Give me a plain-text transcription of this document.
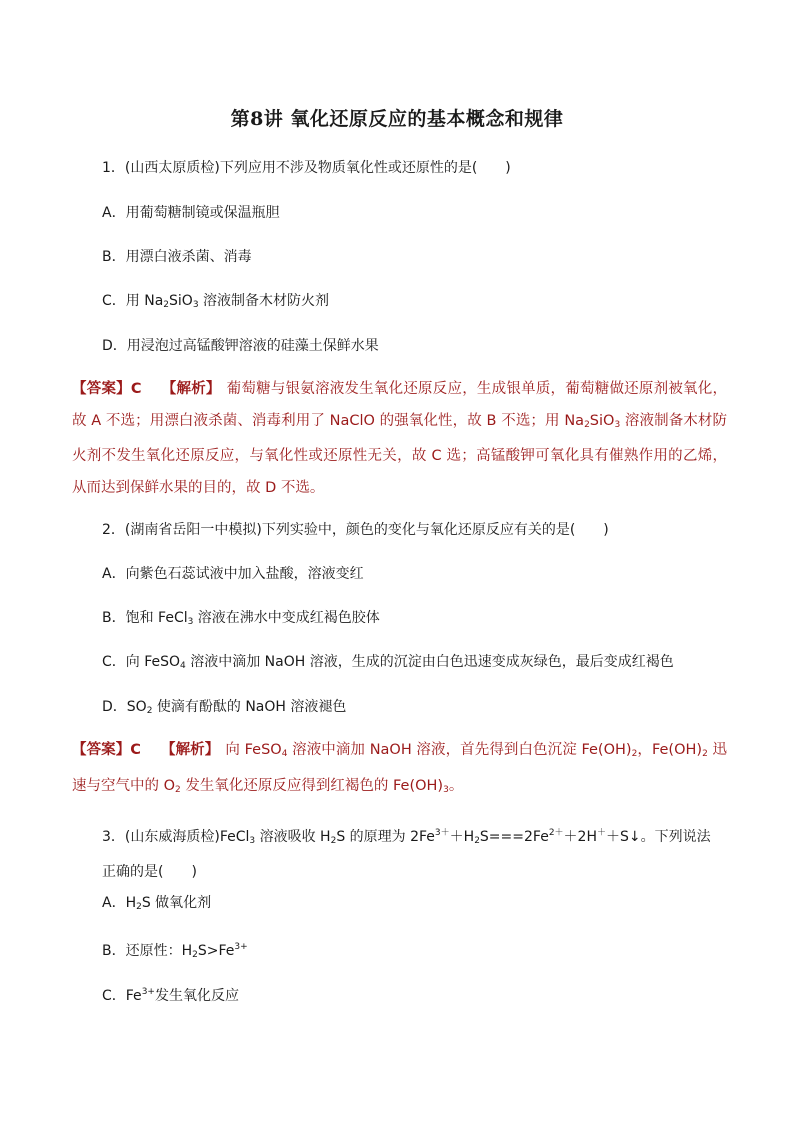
第8讲 氧化还原反应的基本概念和规律
1．(山西太原质检)下列应用不涉及物质氧化性或还原性的是(　　)
A．用葡萄糖制镜或保温瓶胆
B．用漂白液杀菌、消毒
C．用 $Na_2SiO_3$ 溶液制备木材防火剂
D．用浸泡过高锰酸钾溶液的硅藻土保鲜水果
【答案】C 【解析】 葡萄糖与银氨溶液发生氧化还原反应，生成银单质，葡萄糖做还原剂被氧化，故 A 不选；用漂白液杀菌、消毒利用了 NaClO 的强氧化性，故 B 不选；用 $Na_2SiO_3$ 溶液制备木材防火剂不发生氧化还原反应，与氧化性或还原性无关，故 C 选；高锰酸钾可氧化具有催熟作用的乙烯，从而达到保鲜水果的目的，故 D 不选。
2．(湖南省岳阳一中模拟)下列实验中，颜色的变化与氧化还原反应有关的是(　　)
A．向紫色石蕊试液中加入盐酸，溶液变红
B．饱和 FeCl$_3$ 溶液在沸水中变成红褐色胶体
C．向 FeSO$_4$ 溶液中滴加 NaOH 溶液，生成的沉淀由白色迅速变成灰绿色，最后变成红褐色
D．$SO_2$ 使滴有酚酞的 NaOH 溶液褪色
【答案】C 【解析】 向 FeSO$_4$ 溶液中滴加 NaOH 溶液，首先得到白色沉淀 $Fe(OH)_2$，$Fe(OH)_2$ 迅速与空气中的 $O_2$ 发生氧化还原反应得到红褐色的 $Fe(OH)_3$。
3．(山东威海质检)FeCl$_3$ 溶液吸收 $H_2S$ 的原理为 $2Fe^{3+}+H_2S===2Fe^{2+}+2H^++S↓$。下列说法正确的是(　　)
A．$H_2S$ 做氧化剂
B．还原性：$H_2S>Fe^{3+}$
C．$Fe^{3+}$发生氧化反应
